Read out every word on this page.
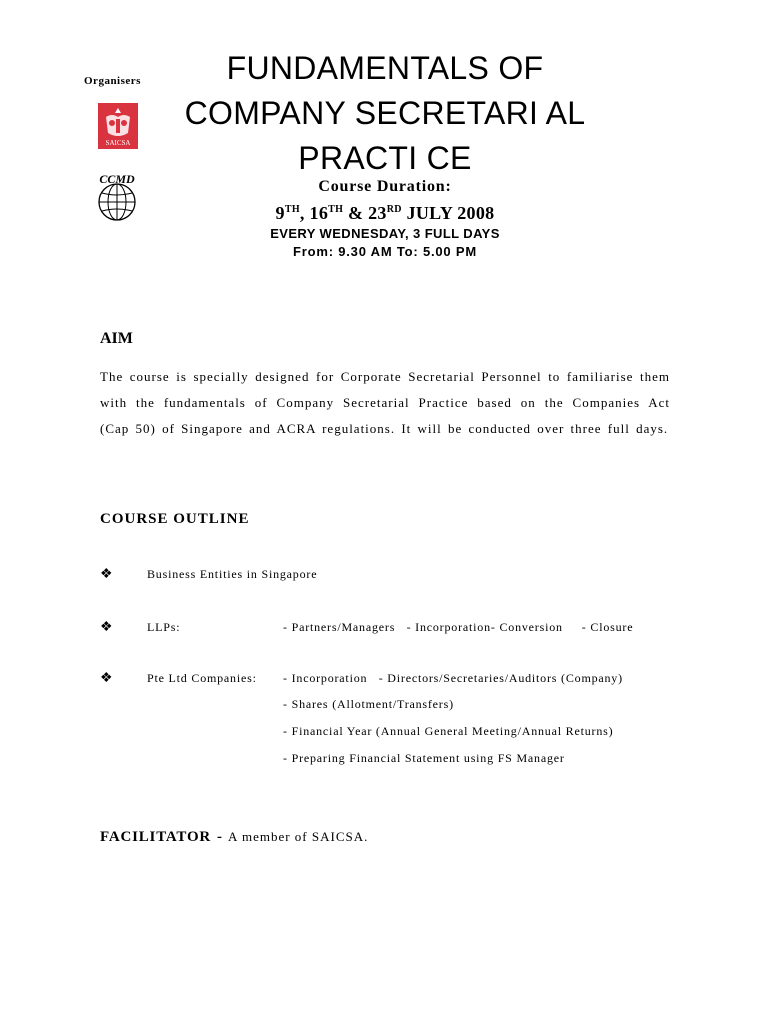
Organisers
SAICSA
CCMD
FUNDAMENTALS OF
COMPANY SECRETARI AL
PRACTI CE
Course Duration:
9TH, 16TH & 23RD JULY 2008
EVERY WEDNESDAY, 3 FULL DAYS
From: 9.30 AM To: 5.00 PM
AIM
The course is specially designed for Corporate Secretarial Personnel to familiarise them with the fundamentals of Company Secretarial Practice based on the Companies Act (Cap 50) of Singapore and ACRA regulations. It will be conducted over three full days.
COURSE OUTLINE
❖	Business Entities in Singapore
❖	LLPs:	- Partners/Managers   - Incorporation- Conversion     - Closure
❖	Pte Ltd Companies: - Incorporation   - Directors/Secretaries/Auditors (Company)
- Shares (Allotment/Transfers)
- Financial Year (Annual General Meeting/Annual Returns)
- Preparing Financial Statement using FS Manager
FACILITATOR - A member of SAICSA.
